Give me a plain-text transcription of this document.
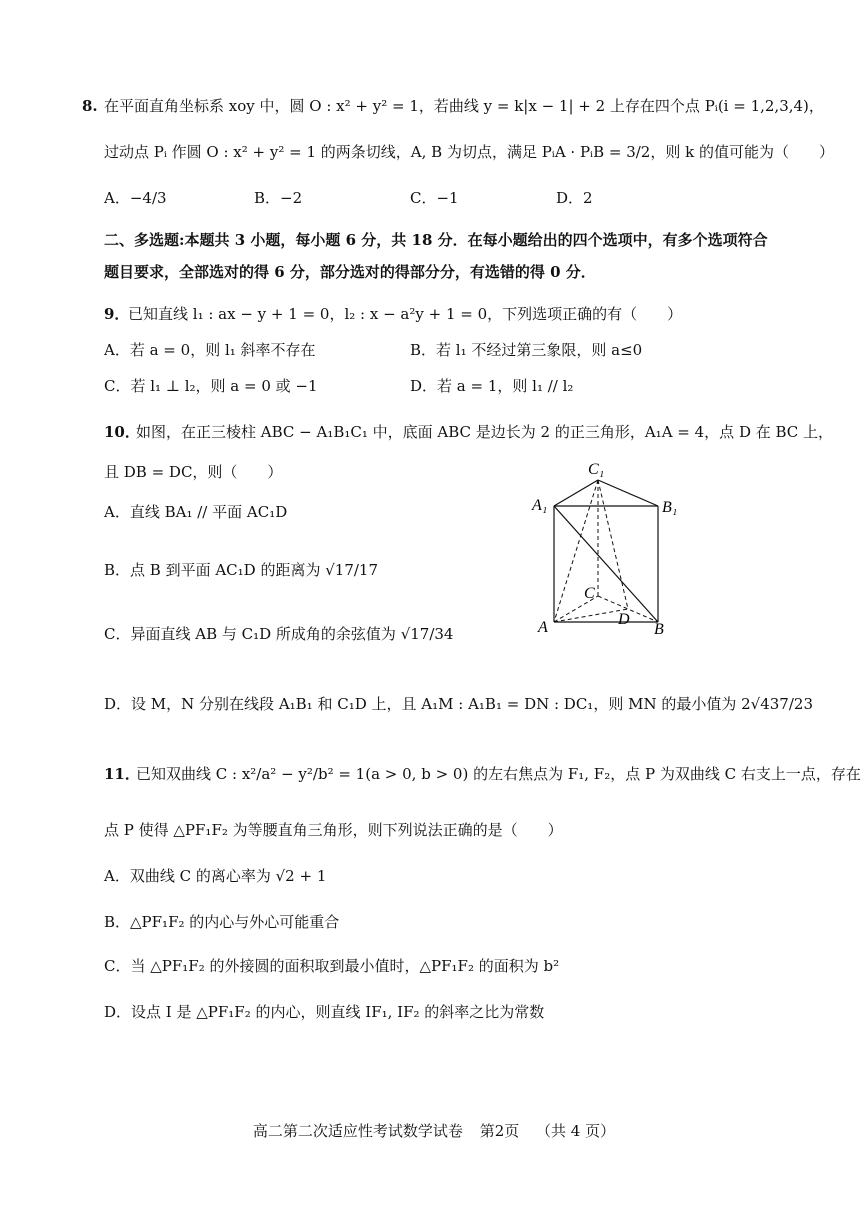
在平面直角坐标系 xoy 中，圆 O : x² + y² = 1，若曲线 y = k|x − 1| + 2 上存在四个点 Pᵢ(i = 1,2,3,4)，
8.
过动点 Pᵢ 作圆 O : x² + y² = 1 的两条切线，A, B 为切点，满足 PᵢA · PᵢB = 3/2，则 k 的值可能为（　　）
A．−4/3	B．−2	C．−1	D．2
二、多选题:本题共 3 小题，每小题 6 分，共 18 分．在每小题给出的四个选项中，有多个选项符合
题目要求，全部选对的得 6 分，部分选对的得部分分，有选错的得 0 分．
9．
已知直线 l₁ : ax − y + 1 = 0，l₂ : x − a²y + 1 = 0，下列选项正确的有（　　）
A．若 a = 0，则 l₁ 斜率不存在	B．若 l₁ 不经过第三象限，则 a≤0
C．若 l₁ ⊥ l₂，则 a = 0 或 −1	D．若 a = 1，则 l₁ // l₂
10．
如图，在正三棱柱 ABC − A₁B₁C₁ 中，底面 ABC 是边长为 2 的正三角形，A₁A = 4，点 D 在 BC 上，
且 DB = DC，则（　　）
A．直线 BA₁ // 平面 AC₁D
B．点 B 到平面 AC₁D 的距离为 √17/17
C．异面直线 AB 与 C₁D 所成角的余弦值为 √17/34
D．设 M，N 分别在线段 A₁B₁ 和 C₁D 上，且 A₁M : A₁B₁ = DN : DC₁，则 MN 的最小值为 2√437/23
C₁
A₁	B₁
C
A	D
B
11．
已知双曲线 C : x²/a² − y²/b² = 1(a > 0, b > 0) 的左右焦点为 F₁, F₂，点 P 为双曲线 C 右支上一点，存在
点 P 使得 △PF₁F₂ 为等腰直角三角形，则下列说法正确的是（　　）
A．双曲线 C 的离心率为 √2 + 1
B．△PF₁F₂ 的内心与外心可能重合
C．当 △PF₁F₂ 的外接圆的面积取到最小值时，△PF₁F₂ 的面积为 b²
D．设点 I 是 △PF₁F₂ 的内心，则直线 IF₁, IF₂ 的斜率之比为常数
高二第二次适应性考试数学试卷 第2页 （共 4 页）
